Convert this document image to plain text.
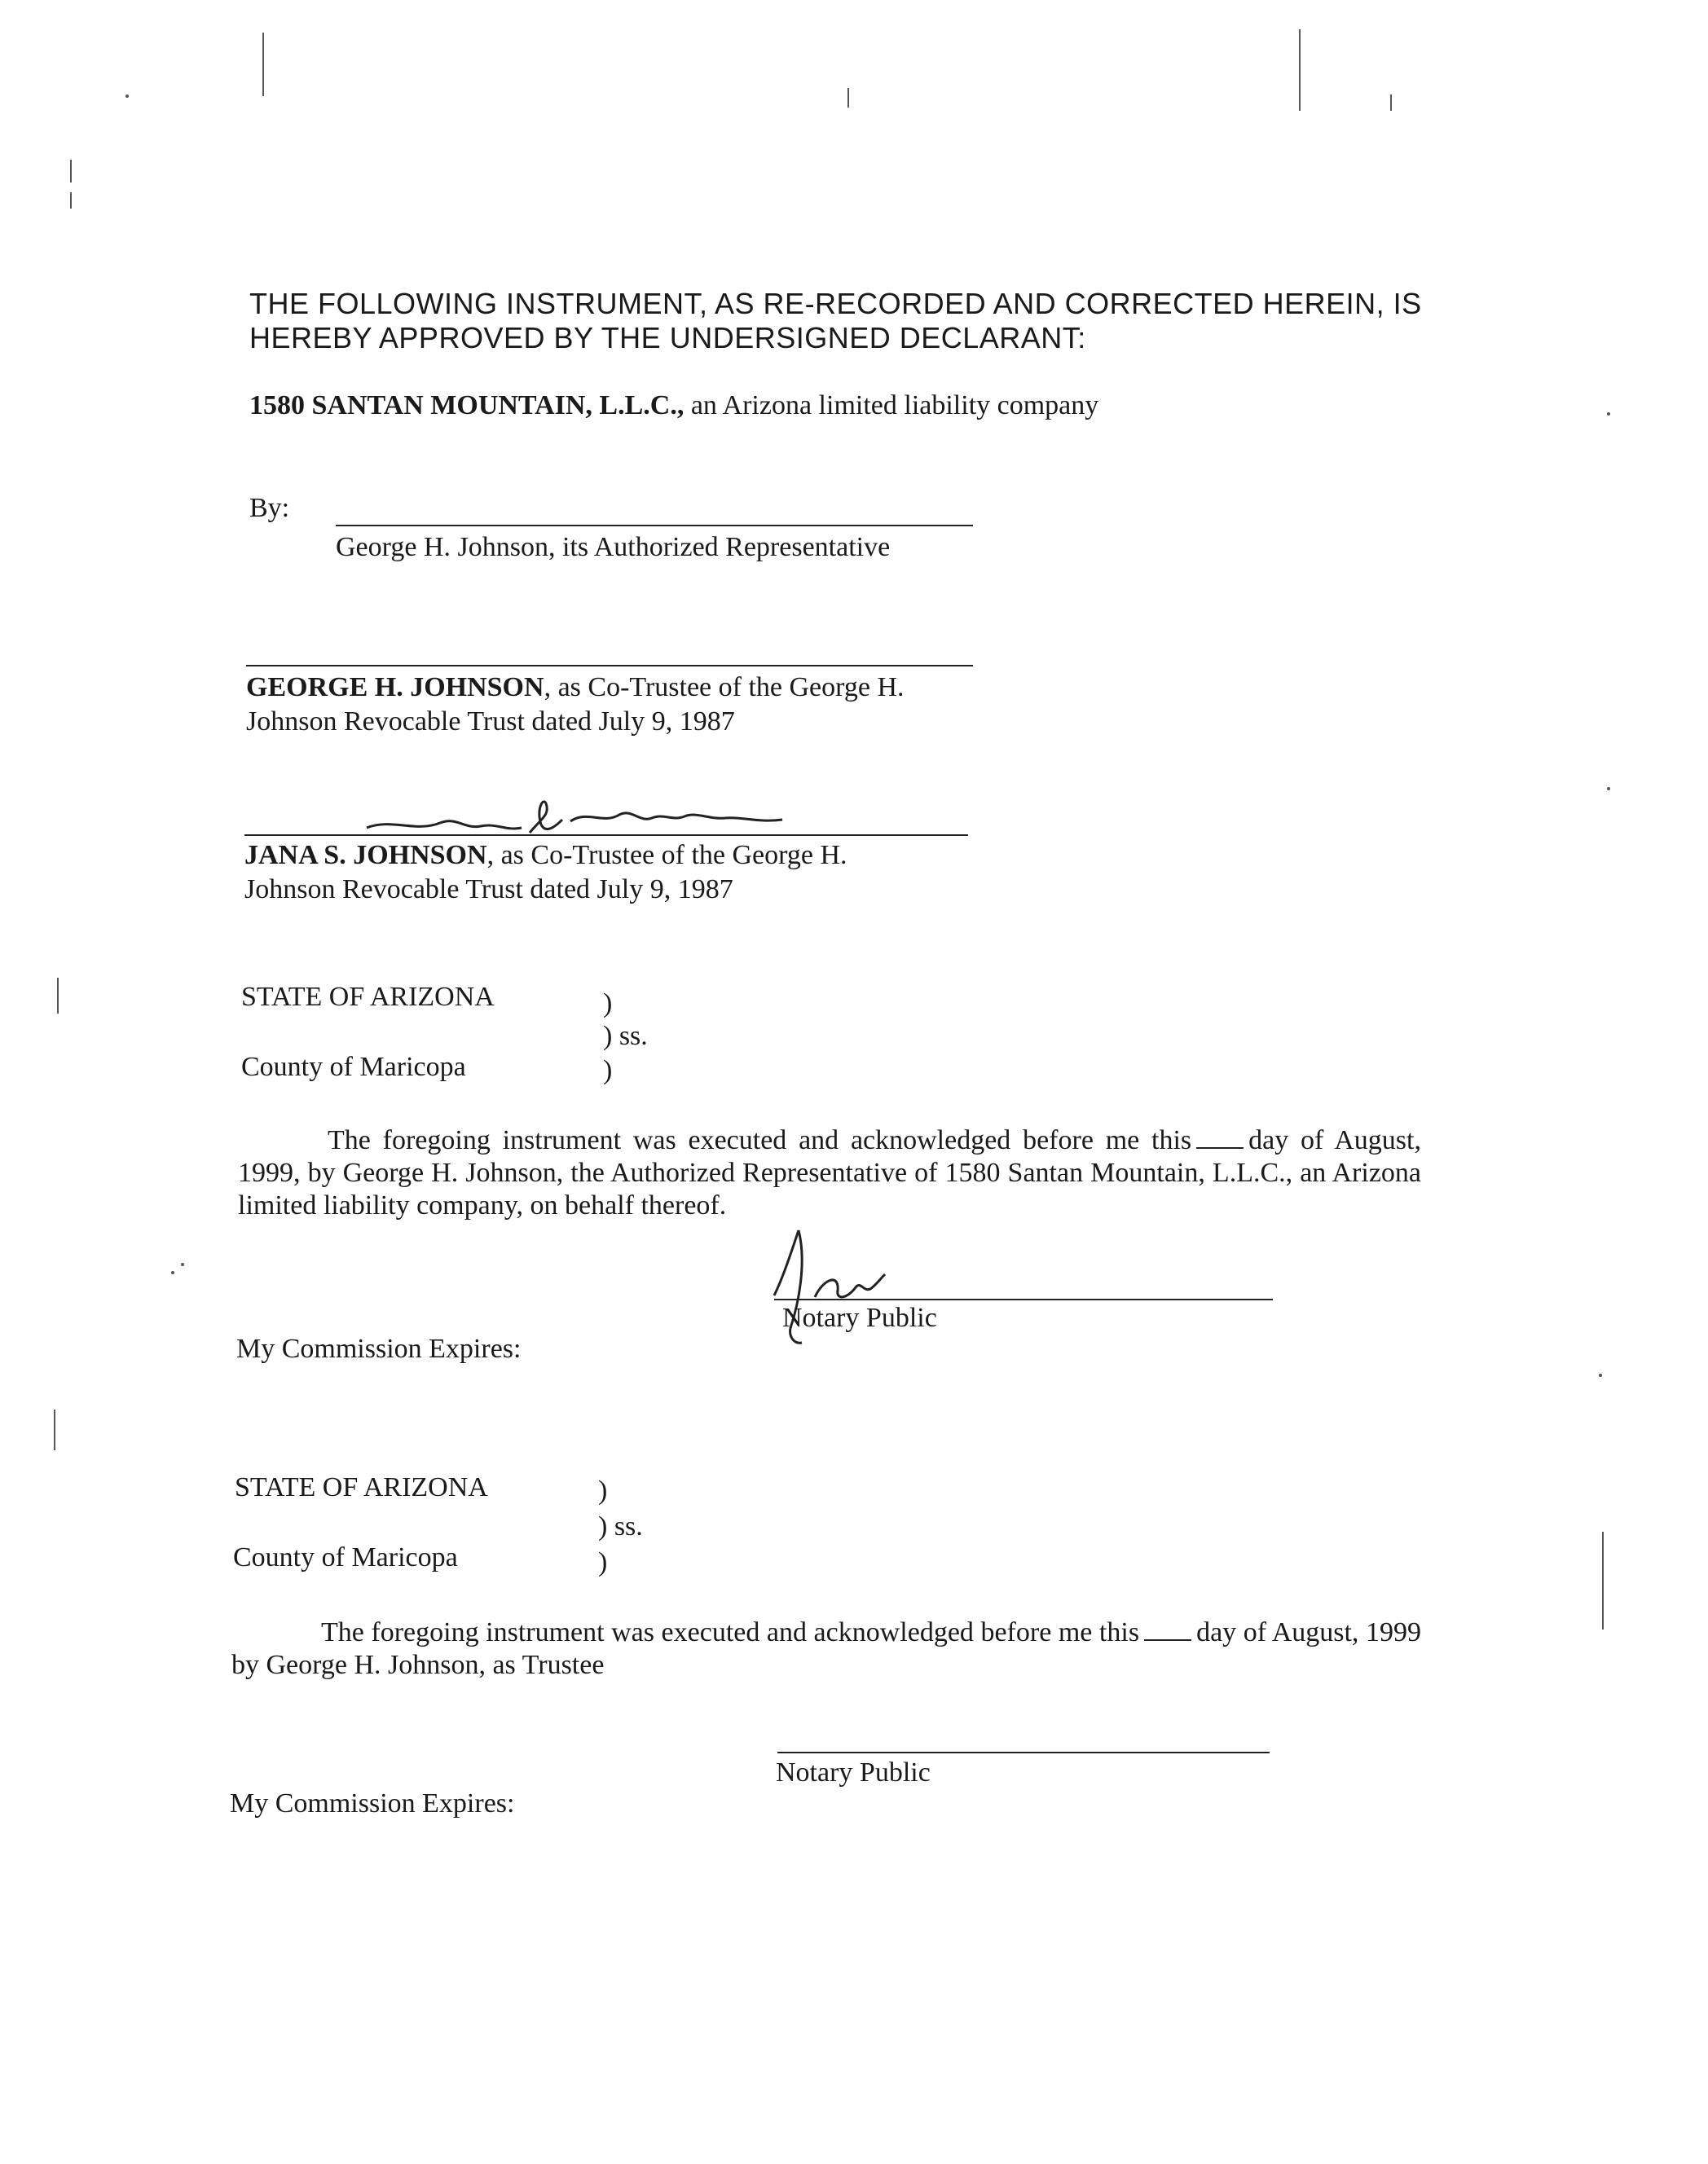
THE FOLLOWING INSTRUMENT, AS RE-RECORDED AND CORRECTED HEREIN, IS
HEREBY APPROVED BY THE UNDERSIGNED DECLARANT:
1580 SANTAN MOUNTAIN, L.L.C., an Arizona limited liability company
By:
George H. Johnson, its Authorized Representative
GEORGE H. JOHNSON, as Co-Trustee of the George H.
Johnson Revocable Trust dated July 9, 1987
JANA S. JOHNSON, as Co-Trustee of the George H.
Johnson Revocable Trust dated July 9, 1987
STATE OF ARIZONA	)
) ss.
County of Maricopa	)
The foregoing instrument was executed and acknowledged before me this day of August, 1999, by George H. Johnson, the Authorized Representative of 1580 Santan Mountain, L.L.C., an Arizona limited liability company, on behalf thereof.
Notary Public
My Commission Expires:
STATE OF ARIZONA	)
) ss.
County of Maricopa	)
The foregoing instrument was executed and acknowledged before me this day of August, 1999 by George H. Johnson, as Trustee
Notary Public
My Commission Expires:
